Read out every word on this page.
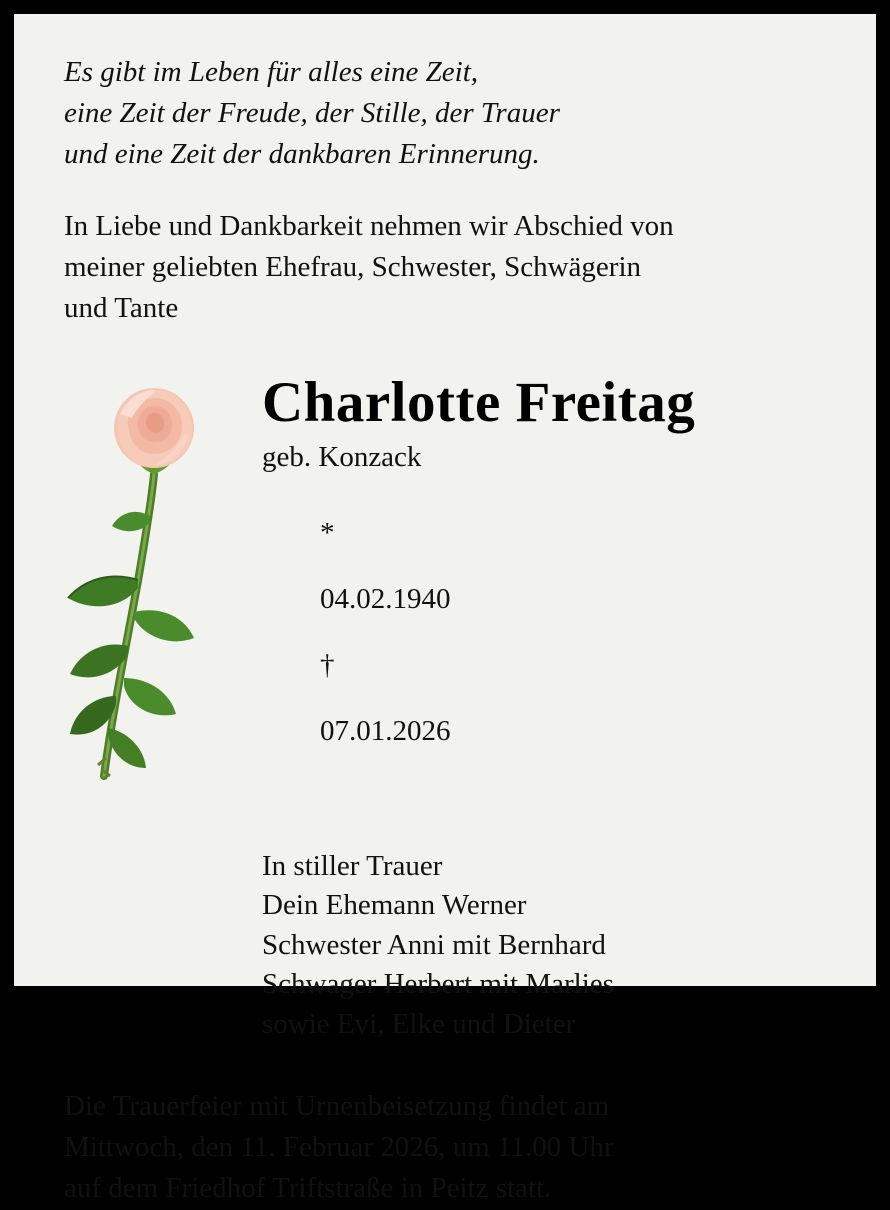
Es gibt im Leben für alles eine Zeit,
eine Zeit der Freude, der Stille, der Trauer
und eine Zeit der dankbaren Erinnerung.
In Liebe und Dankbarkeit nehmen wir Abschied von
meiner geliebten Ehefrau, Schwester, Schwägerin
und Tante
Charlotte Freitag
geb. Konzack

*

04.02.1940

†

07.01.2026

In stiller Trauer
Dein Ehemann Werner
Schwester Anni mit Bernhard
Schwager Herbert mit Marlies
sowie Evi, Elke und Dieter
Die Trauerfeier mit Urnenbeisetzung findet am
Mittwoch, den 11. Februar 2026, um 11.00 Uhr
auf dem Friedhof Triftstraße in Peitz statt.
